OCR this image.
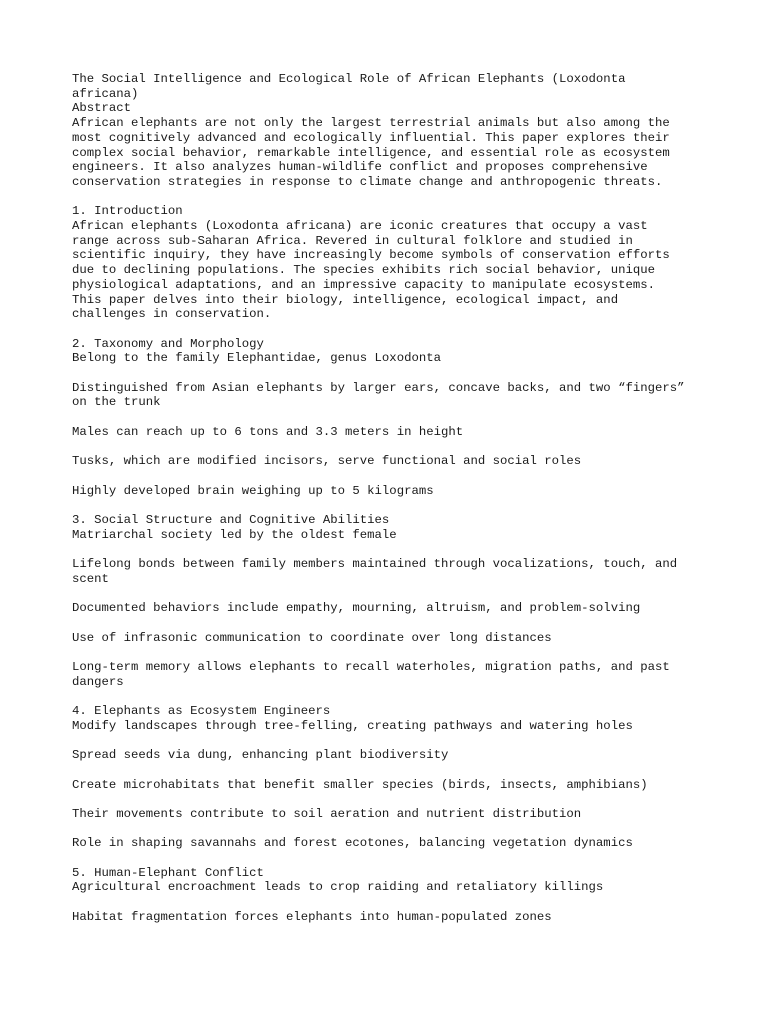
The Social Intelligence and Ecological Role of African Elephants (Loxodonta
africana)
Abstract
African elephants are not only the largest terrestrial animals but also among the
most cognitively advanced and ecologically influential. This paper explores their
complex social behavior, remarkable intelligence, and essential role as ecosystem
engineers. It also analyzes human-wildlife conflict and proposes comprehensive
conservation strategies in response to climate change and anthropogenic threats.
1. Introduction
African elephants (Loxodonta africana) are iconic creatures that occupy a vast
range across sub-Saharan Africa. Revered in cultural folklore and studied in
scientific inquiry, they have increasingly become symbols of conservation efforts
due to declining populations. The species exhibits rich social behavior, unique
physiological adaptations, and an impressive capacity to manipulate ecosystems.
This paper delves into their biology, intelligence, ecological impact, and
challenges in conservation.
2. Taxonomy and Morphology
Belong to the family Elephantidae, genus Loxodonta
Distinguished from Asian elephants by larger ears, concave backs, and two “fingers”
on the trunk
Males can reach up to 6 tons and 3.3 meters in height
Tusks, which are modified incisors, serve functional and social roles
Highly developed brain weighing up to 5 kilograms
3. Social Structure and Cognitive Abilities
Matriarchal society led by the oldest female
Lifelong bonds between family members maintained through vocalizations, touch, and
scent
Documented behaviors include empathy, mourning, altruism, and problem-solving
Use of infrasonic communication to coordinate over long distances
Long-term memory allows elephants to recall waterholes, migration paths, and past
dangers
4. Elephants as Ecosystem Engineers
Modify landscapes through tree-felling, creating pathways and watering holes
Spread seeds via dung, enhancing plant biodiversity
Create microhabitats that benefit smaller species (birds, insects, amphibians)
Their movements contribute to soil aeration and nutrient distribution
Role in shaping savannahs and forest ecotones, balancing vegetation dynamics
5. Human-Elephant Conflict
Agricultural encroachment leads to crop raiding and retaliatory killings
Habitat fragmentation forces elephants into human-populated zones
